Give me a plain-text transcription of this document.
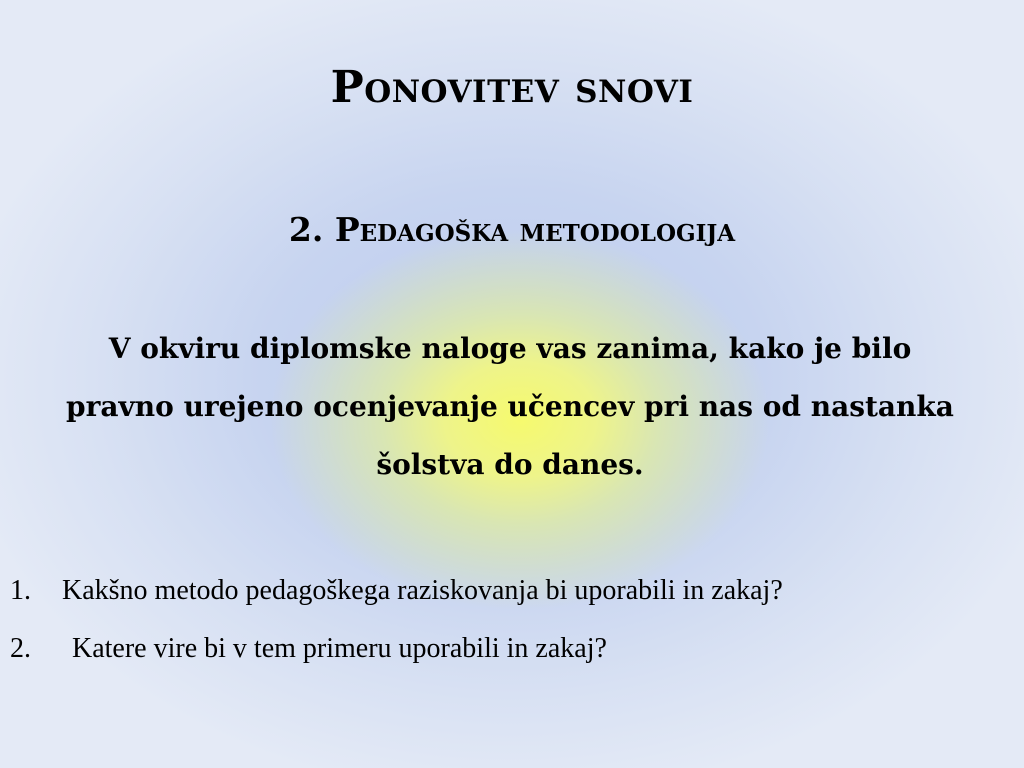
Ponovitev snovi
2. Pedagoška metodologija

V okviru diplomske naloge vas zanima, kako je bilo pravno urejeno ocenjevanje učencev pri nas od nastanka šolstva do danes.

1. Kakšno metodo pedagoškega raziskovanja bi uporabili in zakaj?
2. Katere vire bi v tem primeru uporabili in zakaj?
